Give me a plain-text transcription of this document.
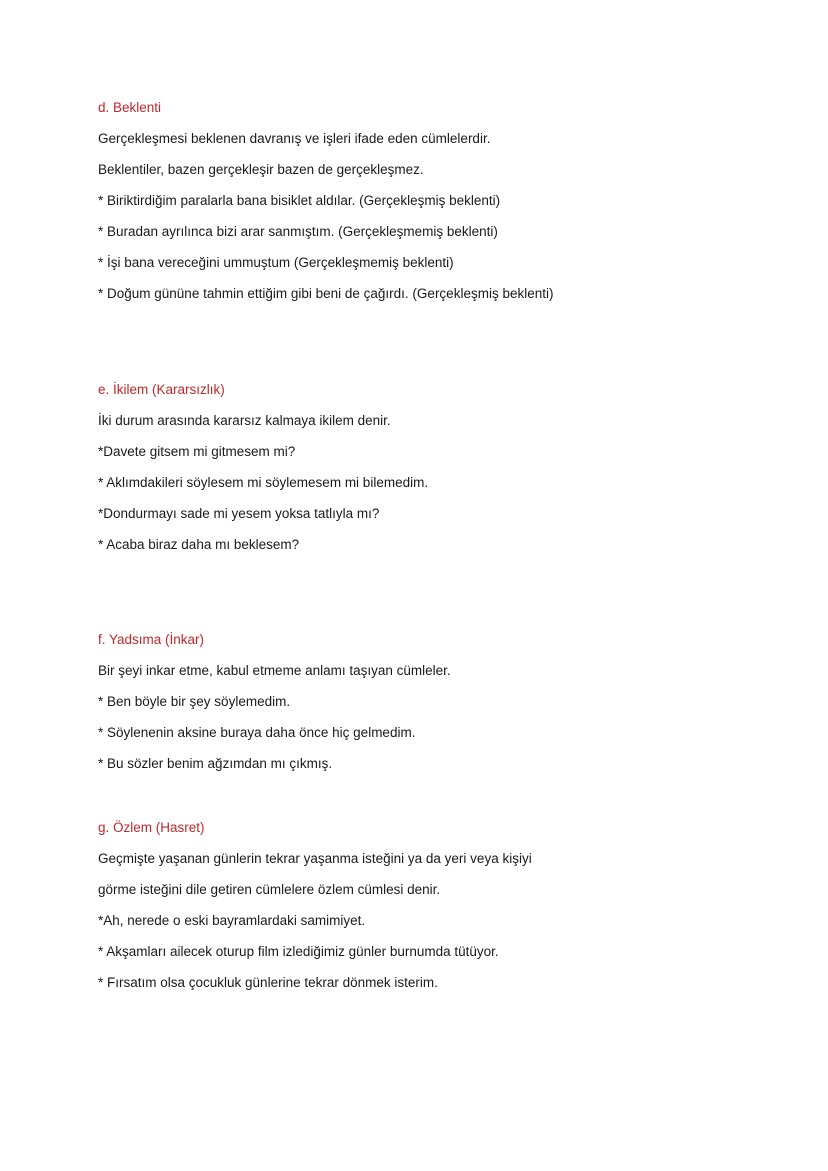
d. Beklenti
Gerçekleşmesi beklenen davranış ve işleri ifade eden cümlelerdir.
Beklentiler, bazen gerçekleşir bazen de gerçekleşmez.
* Biriktirdiğim paralarla bana bisiklet aldılar. (Gerçekleşmiş beklenti)
* Buradan ayrılınca bizi arar sanmıştım. (Gerçekleşmemiş beklenti)
* İşi bana vereceğini ummuştum (Gerçekleşmemiş beklenti)
* Doğum gününe tahmin ettiğim gibi beni de çağırdı. (Gerçekleşmiş beklenti)
e. İkilem (Kararsızlık)
İki durum arasında kararsız kalmaya ikilem denir.
*Davete gitsem mi gitmesem mi?
* Aklımdakileri söylesem mi söylemesem mi bilemedim.
*Dondurmayı sade mi yesem yoksa tatlıyla mı?
* Acaba biraz daha mı beklesem?
f. Yadsıma (İnkar)
Bir şeyi inkar etme, kabul etmeme anlamı taşıyan cümleler.
* Ben böyle bir şey söylemedim.
* Söylenenin aksine buraya daha önce hiç gelmedim.
* Bu sözler benim ağzımdan mı çıkmış.
g. Özlem (Hasret)
Geçmişte yaşanan günlerin tekrar yaşanma isteğini ya da yeri veya kişiyi
görme isteğini dile getiren cümlelere özlem cümlesi denir.
*Ah, nerede o eski bayramlardaki samimiyet.
* Akşamları ailecek oturup film izlediğimiz günler burnumda tütüyor.
* Fırsatım olsa çocukluk günlerine tekrar dönmek isterim.
